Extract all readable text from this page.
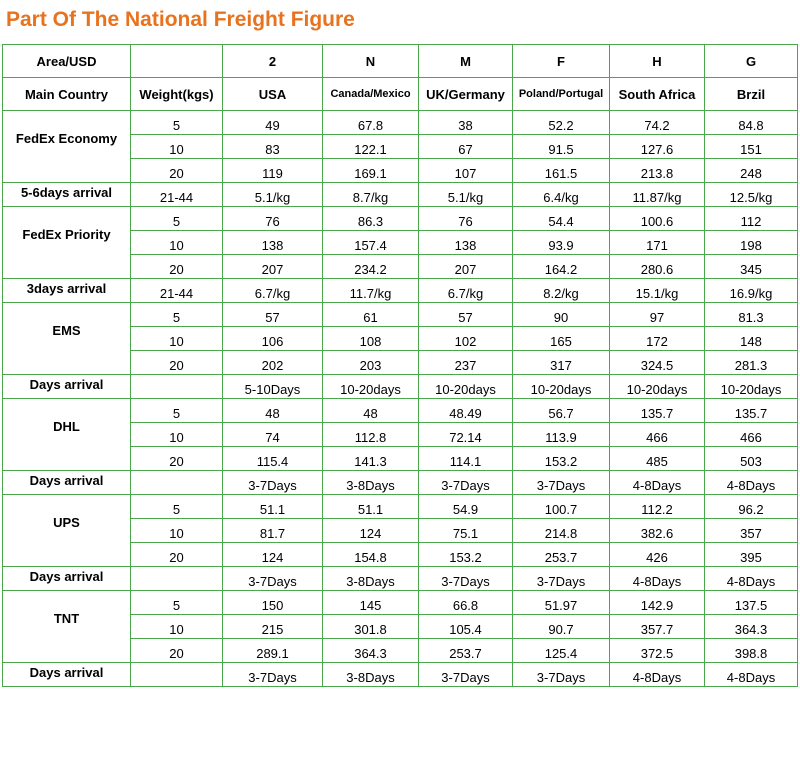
Part Of The National Freight Figure
Area/USD		2	N	M	F	H	G
Main Country	Weight(kgs)	USA	Canada/Mexico	UK/Germany	Poland/Portugal	South Africa	Brzil
FedEx Economy	5	49	67.8	38	52.2	74.2	84.8
	10	83	122.1	67	91.5	127.6	151
	20	119	169.1	107	161.5	213.8	248
5-6days arrival	21-44	5.1/kg	8.7/kg	5.1/kg	6.4/kg	11.87/kg	12.5/kg
FedEx Priority	5	76	86.3	76	54.4	100.6	112
	10	138	157.4	138	93.9	171	198
	20	207	234.2	207	164.2	280.6	345
3days arrival	21-44	6.7/kg	11.7/kg	6.7/kg	8.2/kg	15.1/kg	16.9/kg
EMS	5	57	61	57	90	97	81.3
	10	106	108	102	165	172	148
	20	202	203	237	317	324.5	281.3
Days arrival		5-10Days	10-20days	10-20days	10-20days	10-20days	10-20days
DHL	5	48	48	48.49	56.7	135.7	135.7
	10	74	112.8	72.14	113.9	466	466
	20	115.4	141.3	114.1	153.2	485	503
Days arrival		3-7Days	3-8Days	3-7Days	3-7Days	4-8Days	4-8Days
UPS	5	51.1	51.1	54.9	100.7	112.2	96.2
	10	81.7	124	75.1	214.8	382.6	357
	20	124	154.8	153.2	253.7	426	395
Days arrival		3-7Days	3-8Days	3-7Days	3-7Days	4-8Days	4-8Days
TNT	5	150	145	66.8	51.97	142.9	137.5
	10	215	301.8	105.4	90.7	357.7	364.3
	20	289.1	364.3	253.7	125.4	372.5	398.8
Days arrival		3-7Days	3-8Days	3-7Days	3-7Days	4-8Days	4-8Days
